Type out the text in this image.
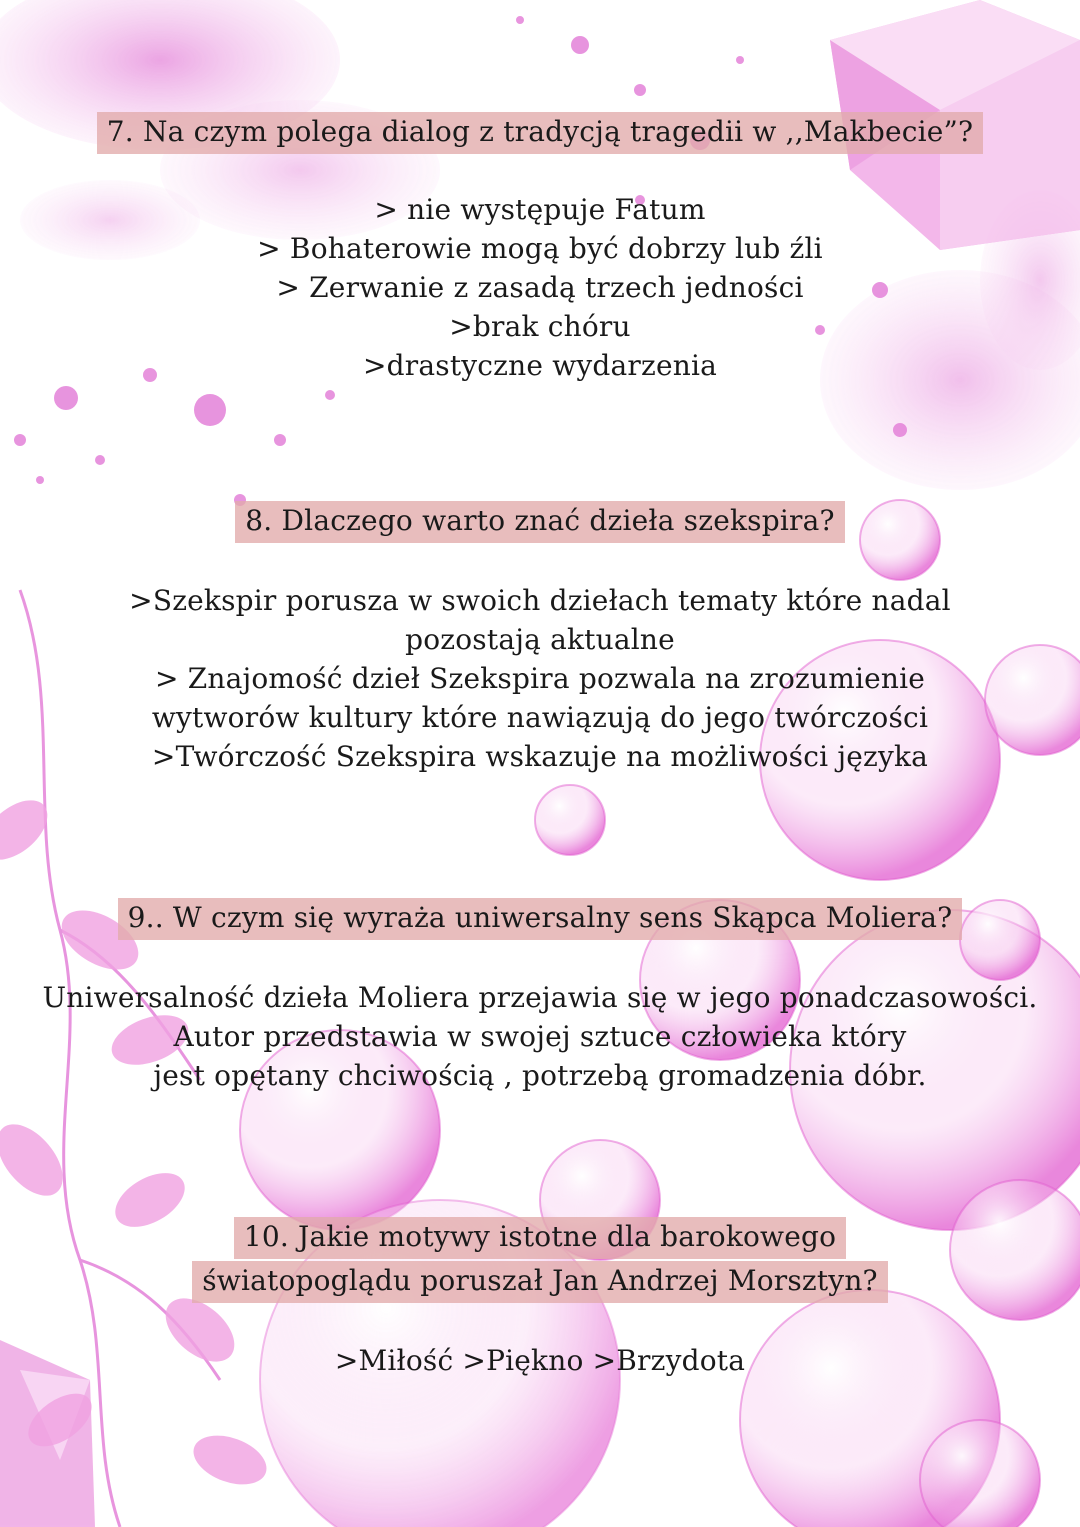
7. Na czym polega dialog z tradycją tragedii w ,,Makbecie”?

> nie występuje Fatum

> Bohaterowie mogą być dobrzy lub źli

> Zerwanie z zasadą trzech jedności

>brak chóru

>drastyczne wydarzenia

8. Dlaczego warto znać dzieła szekspira?

>Szekspir porusza w swoich dziełach tematy które nadal

pozostają aktualne

> Znajomość dzieł Szekspira pozwala na zrozumienie

wytworów kultury które nawiązują do jego twórczości

>Twórczość Szekspira wskazuje na możliwości języka

9.. W czym się wyraża uniwersalny sens Skąpca Moliera?

Uniwersalność dzieła Moliera przejawia się w jego ponadczasowości.

Autor przedstawia w swojej sztuce człowieka który

jest opętany chciwością , potrzebą gromadzenia dóbr.

10. Jakie motywy istotne dla barokowego
światopoglądu poruszał Jan Andrzej Morsztyn?

>Miłość >Piękno >Brzydota
